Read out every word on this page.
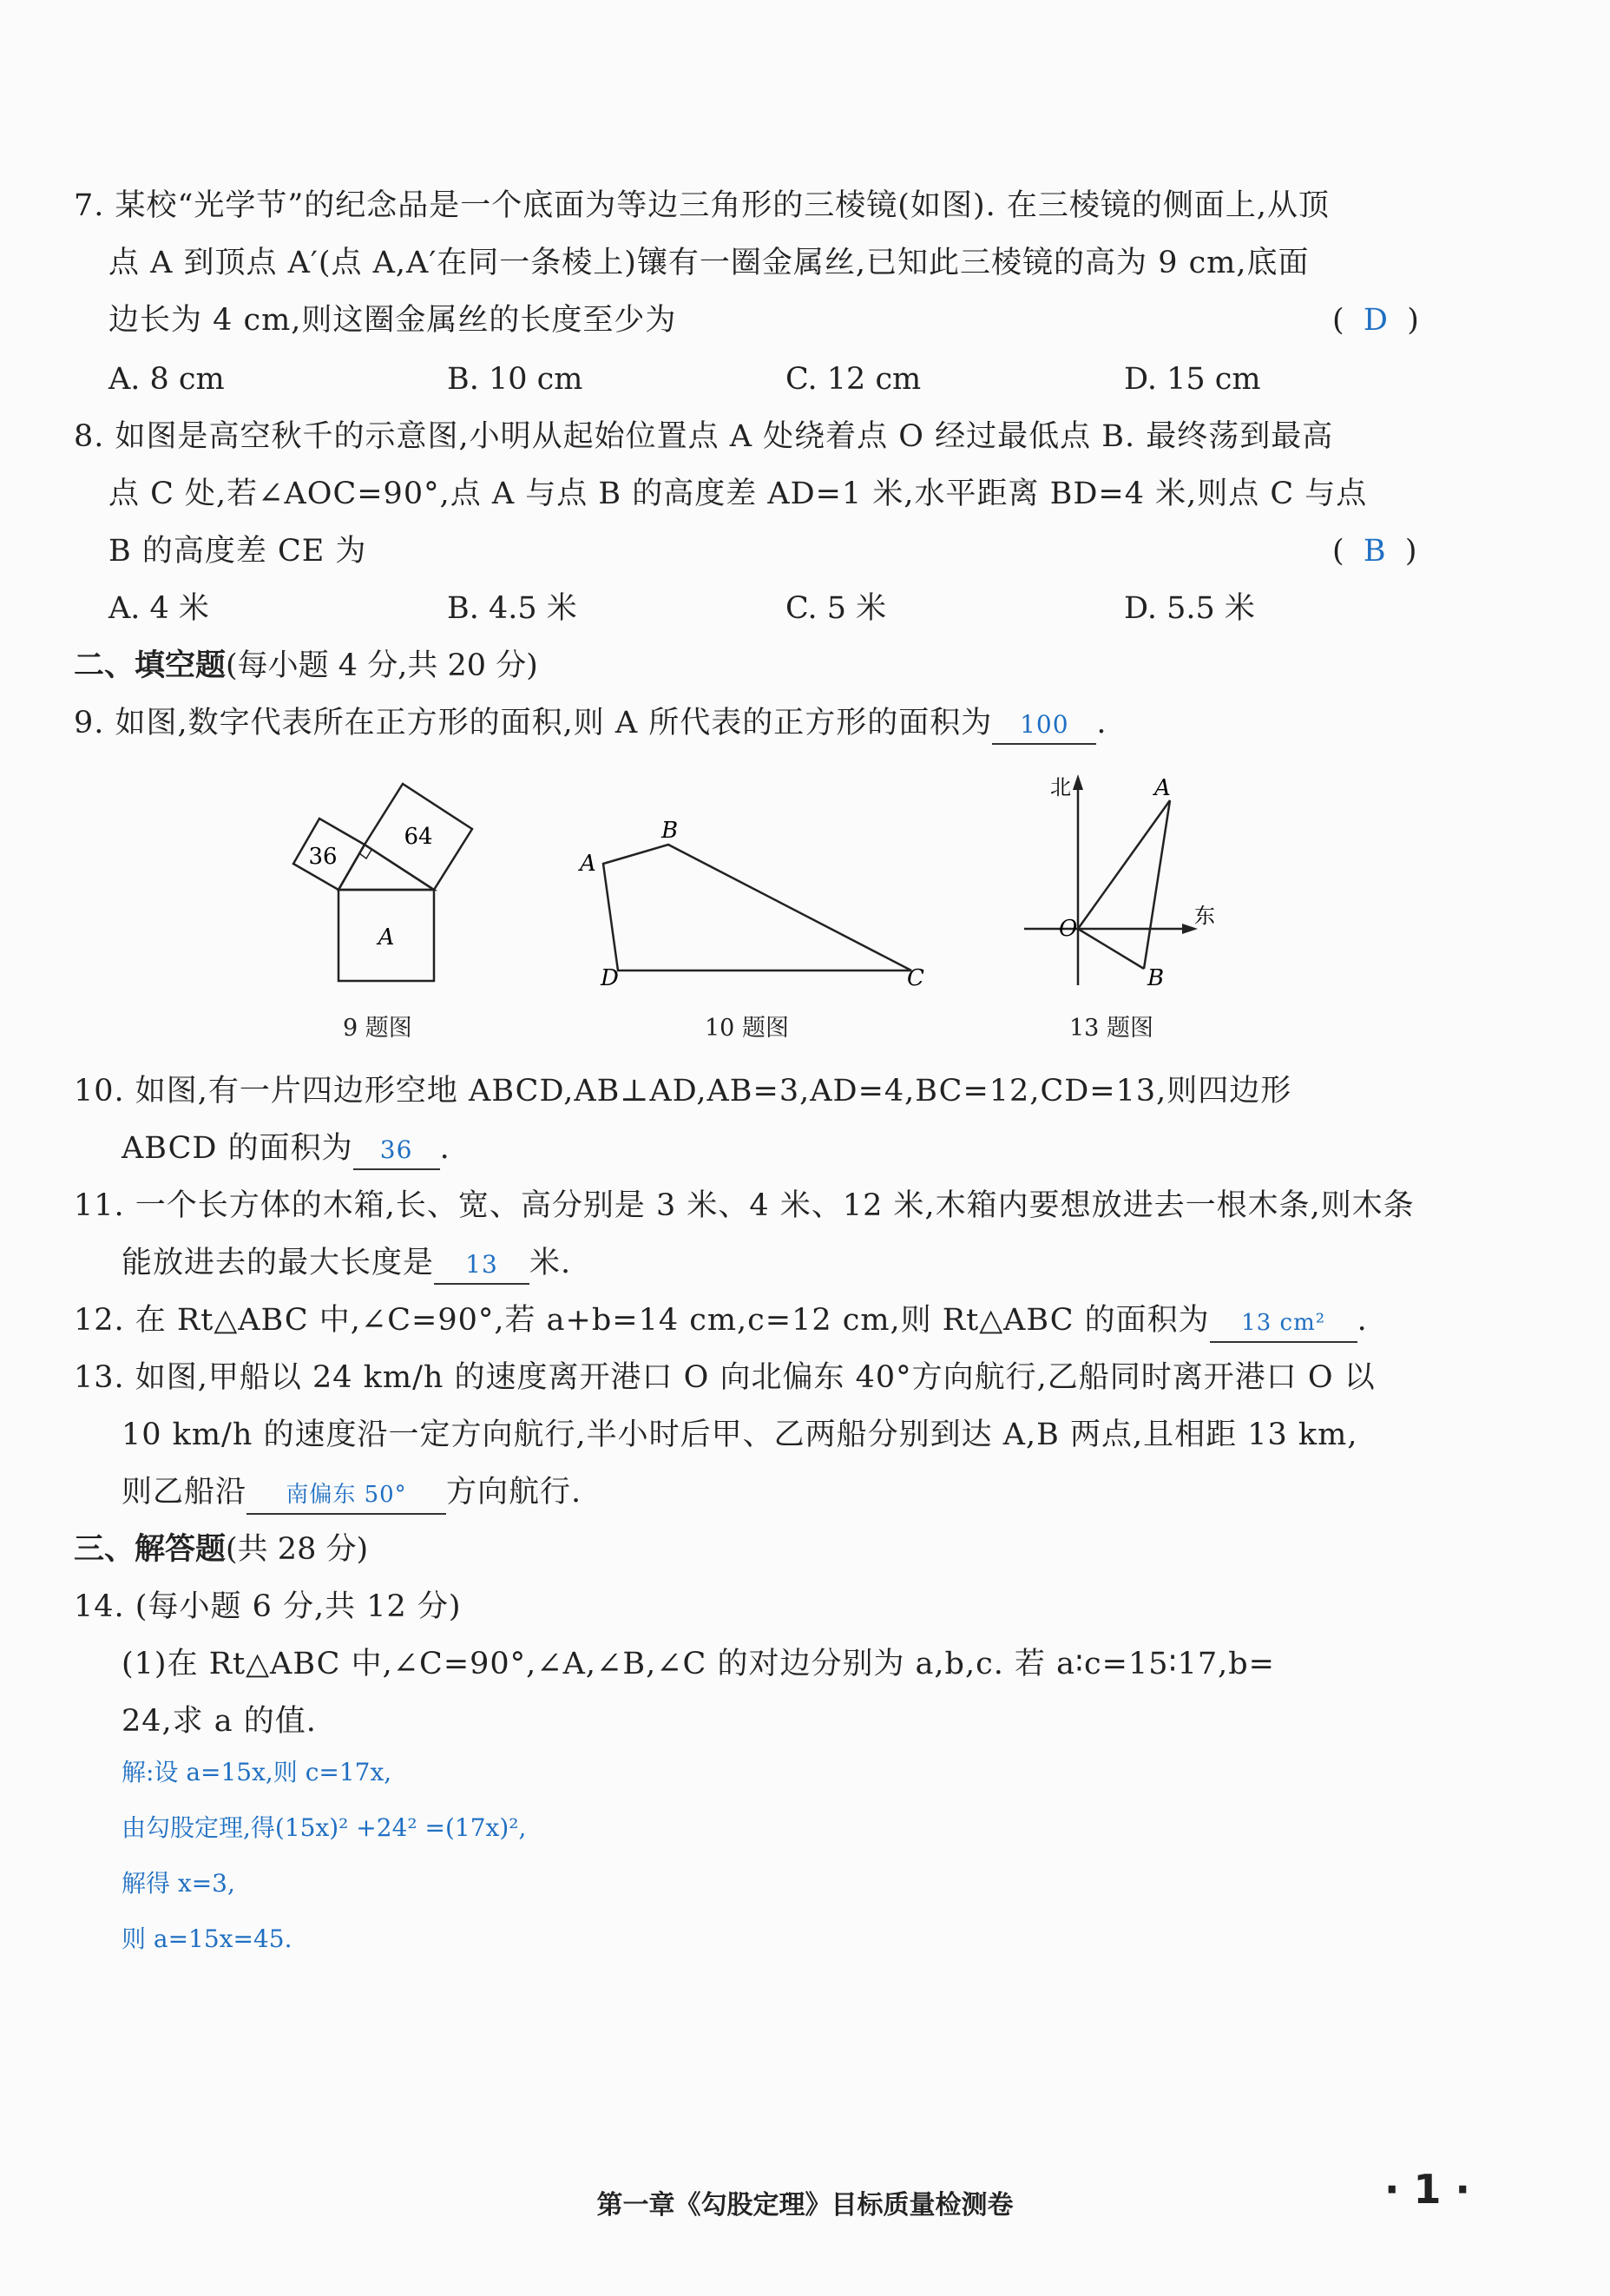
7. 某校“光学节”的纪念品是一个底面为等边三角形的三棱镜(如图). 在三棱镜的侧面上,从顶
点 A 到顶点 A′(点 A,A′在同一条棱上)镶有一圈金属丝,已知此三棱镜的高为 9 cm,底面
边长为 4 cm,则这圈金属丝的长度至少为	(  D  )
A. 8 cm	B. 10 cm	C. 12 cm	D. 15 cm
8. 如图是高空秋千的示意图,小明从起始位置点 A 处绕着点 O 经过最低点 B. 最终荡到最高
点 C 处,若∠AOC=90°,点 A 与点 B 的高度差 AD=1 米,水平距离 BD=4 米,则点 C 与点
B 的高度差 CE 为	(  B  )
A. 4 米	B. 4.5 米	C. 5 米	D. 5.5 米
二、填空题(每小题 4 分,共 20 分)
9. 如图,数字代表所在正方形的面积,则 A 所代表的正方形的面积为 100 .
36
64
A
9 题图
A
B
C
D
10 题图
北
东
O
A
B
13 题图
10. 如图,有一片四边形空地 ABCD,AB⊥AD,AB=3,AD=4,BC=12,CD=13,则四边形
ABCD 的面积为 36 .
11. 一个长方体的木箱,长、宽、高分别是 3 米、4 米、12 米,木箱内要想放进去一根木条,则木条
能放进去的最大长度是 13 米.
12. 在 Rt△ABC 中,∠C=90°,若 a+b=14 cm,c=12 cm,则 Rt△ABC 的面积为 13 cm² .
13. 如图,甲船以 24 km/h 的速度离开港口 O 向北偏东 40°方向航行,乙船同时离开港口 O 以
10 km/h 的速度沿一定方向航行,半小时后甲、乙两船分别到达 A,B 两点,且相距 13 km,
则乙船沿 南偏东 50° 方向航行.
三、解答题(共 28 分)
14. (每小题 6 分,共 12 分)
(1)在 Rt△ABC 中,∠C=90°,∠A,∠B,∠C 的对边分别为 a,b,c. 若 a∶c=15∶17,b=
24,求 a 的值.
解:设 a=15x,则 c=17x,
由勾股定理,得(15x)² +24² =(17x)²,
解得 x=3,
则 a=15x=45.
第一章《勾股定理》目标质量检测卷	· 1 ·
